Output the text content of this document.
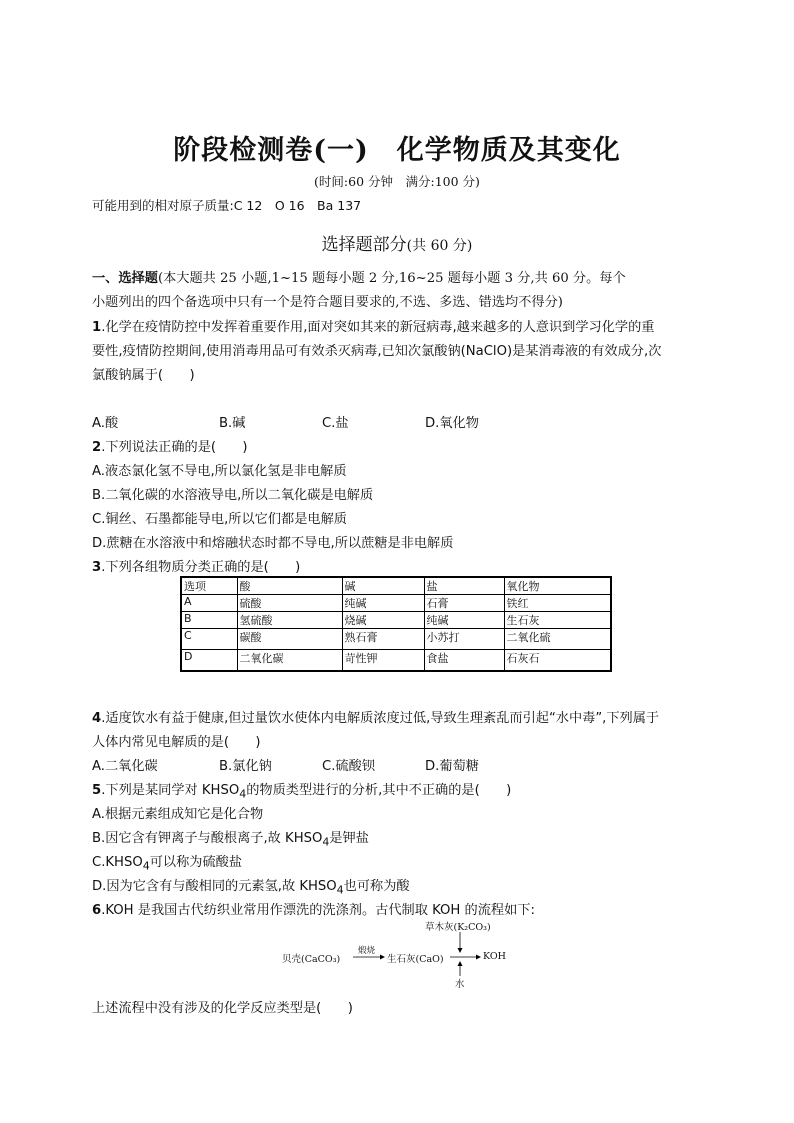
阶段检测卷(一)　化学物质及其变化
(时间:60 分钟　满分:100 分)
可能用到的相对原子质量:C 12　O 16　Ba 137
选择题部分(共 60 分)
一、选择题(本大题共 25 小题,1~15 题每小题 2 分,16~25 题每小题 3 分,共 60 分。每个
小题列出的四个备选项中只有一个是符合题目要求的,不选、多选、错选均不得分)
1.化学在疫情防控中发挥着重要作用,面对突如其来的新冠病毒,越来越多的人意识到学习化学的重
要性,疫情防控期间,使用消毒用品可有效杀灭病毒,已知次氯酸钠(NaClO)是某消毒液的有效成分,次
氯酸钠属于(　　)
A.酸	B.碱	C.盐	D.氧化物
2.下列说法正确的是(　　)
A.液态氯化氢不导电,所以氯化氢是非电解质
B.二氧化碳的水溶液导电,所以二氧化碳是电解质
C.铜丝、石墨都能导电,所以它们都是电解质
D.蔗糖在水溶液中和熔融状态时都不导电,所以蔗糖是非电解质
3.下列各组物质分类正确的是(　　)
选项	酸	碱	盐	氧化物
A	硫酸	纯碱	石膏	铁红
B	氢硫酸	烧碱	纯碱	生石灰
C	碳酸	熟石膏	小苏打	二氧化硫
D	二氧化碳	苛性钾	食盐	石灰石
4.适度饮水有益于健康,但过量饮水使体内电解质浓度过低,导致生理紊乱而引起“水中毒”,下列属于
人体内常见电解质的是(　　)
A.二氧化碳	B.氯化钠	C.硫酸钡	D.葡萄糖
5.下列是某同学对 $KHSO_4$的物质类型进行的分析,其中不正确的是(　　)
A.根据元素组成知它是化合物
B.因它含有钾离子与酸根离子,故 $KHSO_4$是钾盐
$C.KHSO_4$可以称为硫酸盐
D.因为它含有与酸相同的元素氢,故 $KHSO_4$也可称为酸
6.KOH 是我国古代纺织业常用作漂洗的洗涤剂。古代制取 KOH 的流程如下:
草木灰(K₂CO₃)
贝壳(CaCO₃)
煅烧
生石灰(CaO)	KOH
水
上述流程中没有涉及的化学反应类型是(　　)
